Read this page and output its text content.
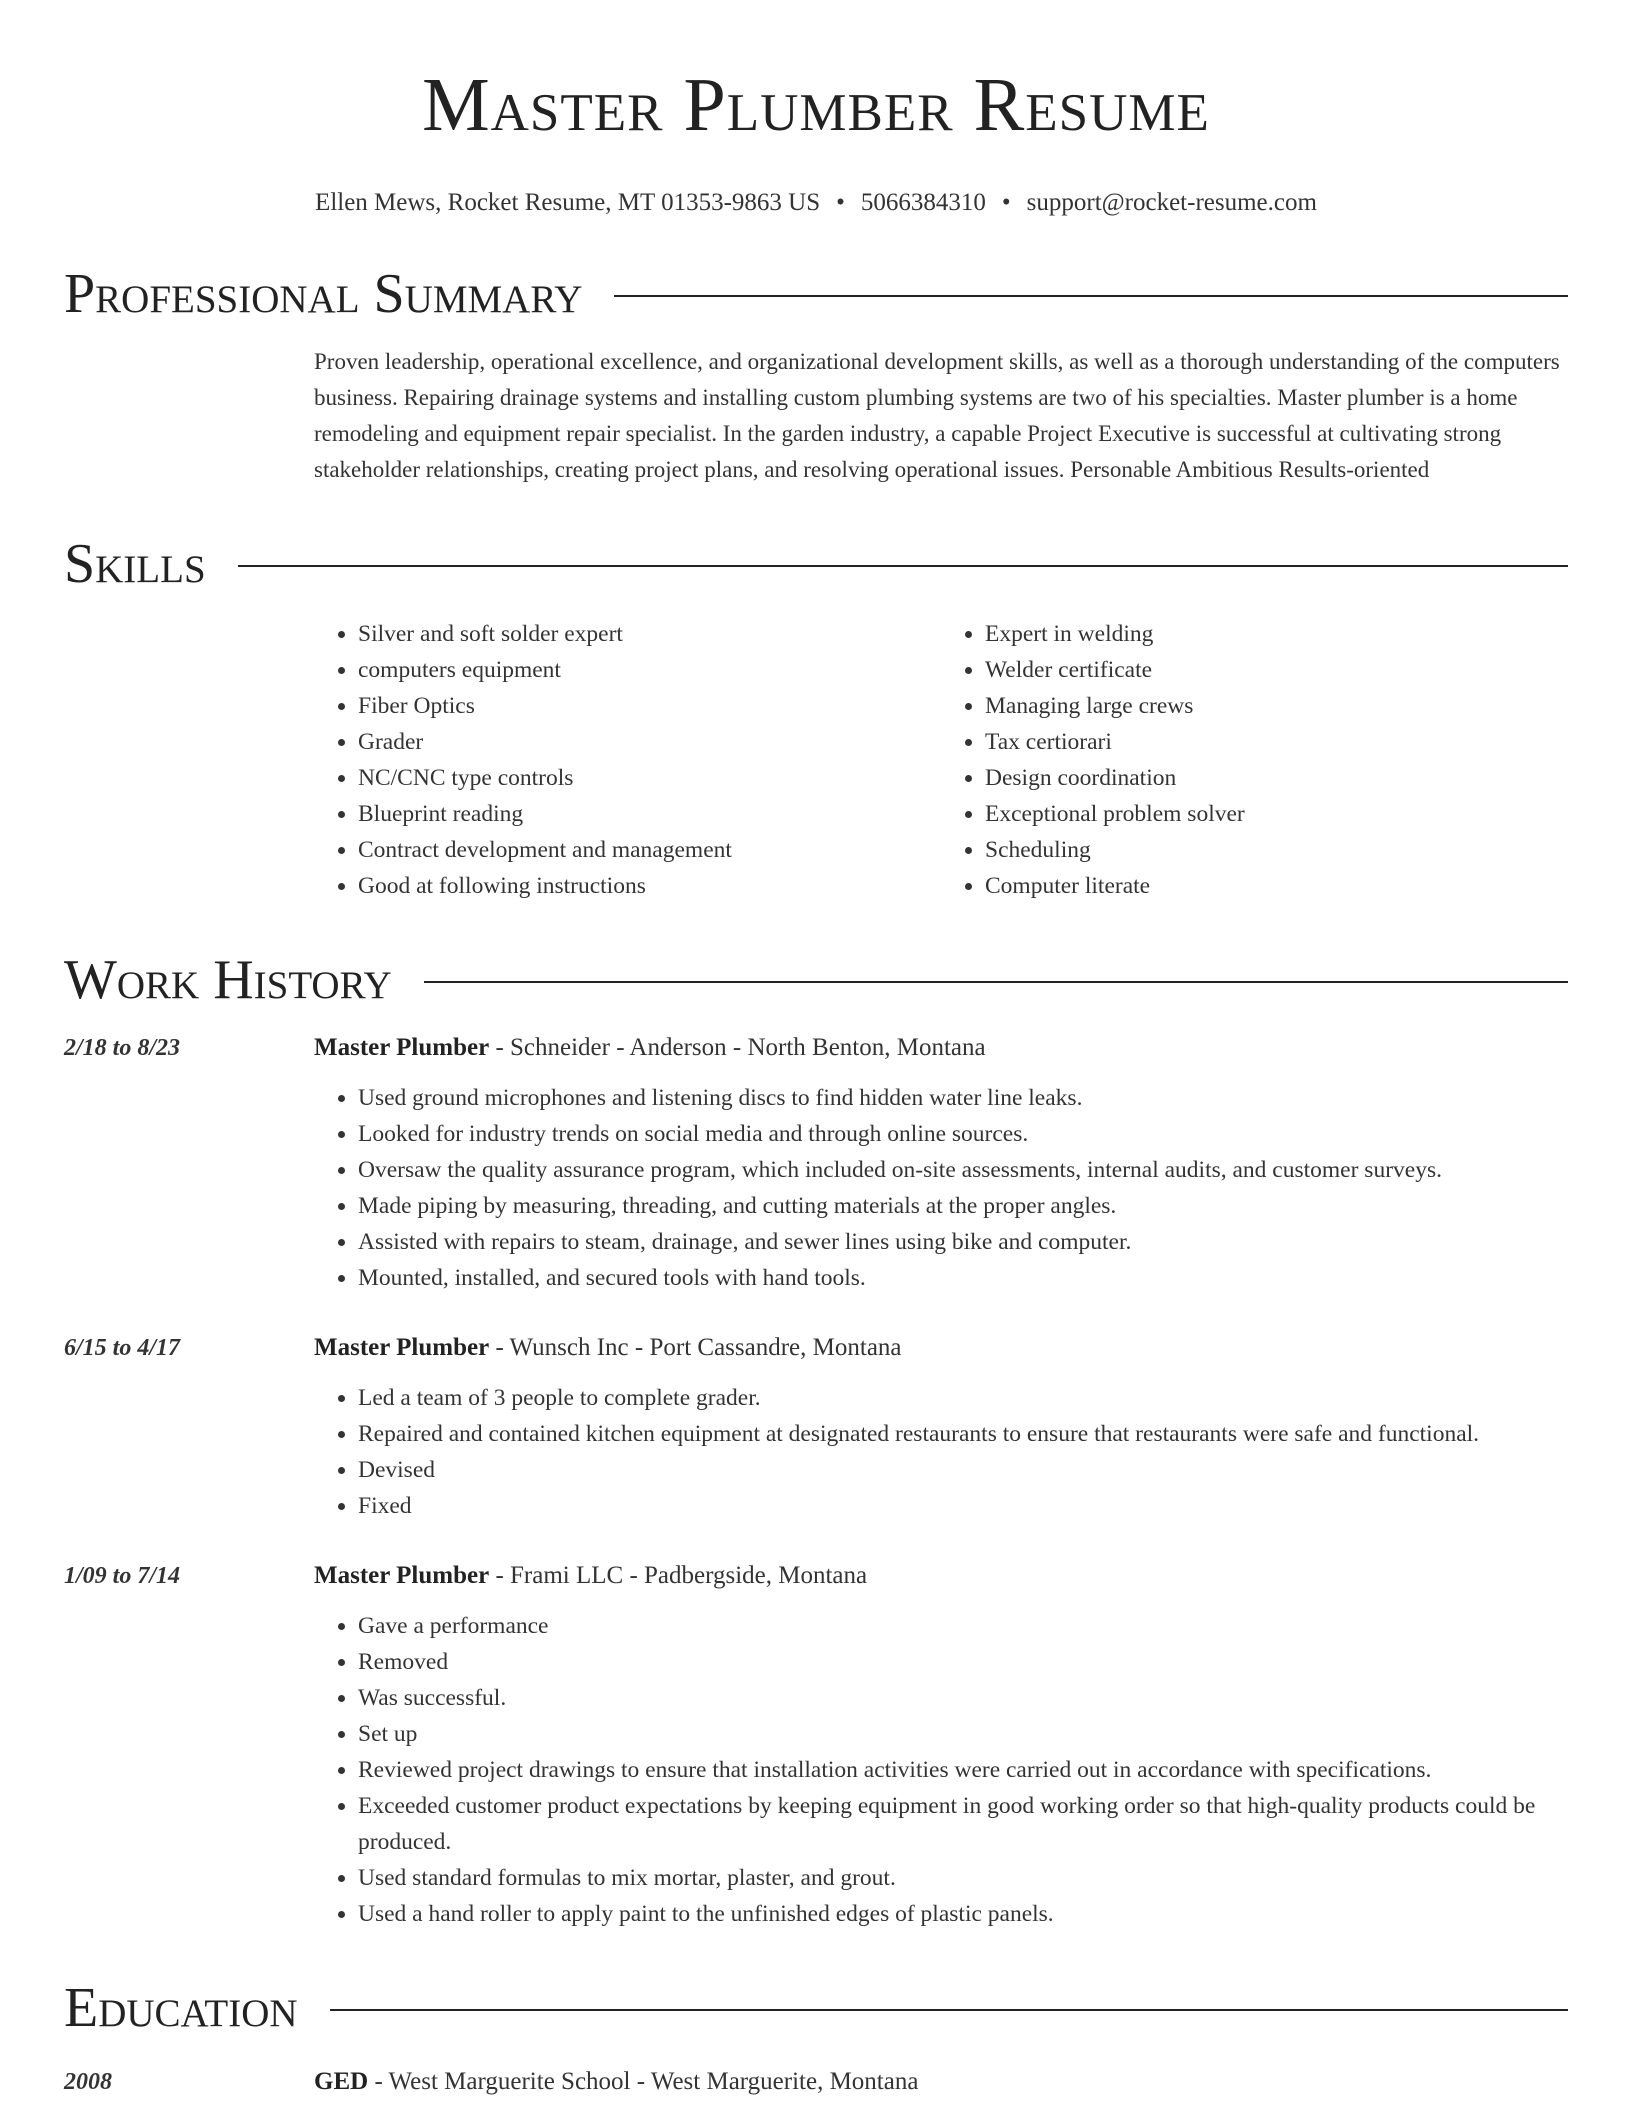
Master Plumber Resume
Ellen Mews, Rocket Resume, MT 01353-9863 US • 5066384310 • support@rocket-resume.com
Professional Summary
Proven leadership, operational excellence, and organizational development skills, as well as a thorough understanding of the computers business. Repairing drainage systems and installing custom plumbing systems are two of his specialties. Master plumber is a home remodeling and equipment repair specialist. In the garden industry, a capable Project Executive is successful at cultivating strong stakeholder relationships, creating project plans, and resolving operational issues. Personable Ambitious Results-oriented
Skills
• Silver and soft solder expert
• computers equipment
• Fiber Optics
• Grader
• NC/CNC type controls
• Blueprint reading
• Contract development and management
• Good at following instructions
• Expert in welding
• Welder certificate
• Managing large crews
• Tax certiorari
• Design coordination
• Exceptional problem solver
• Scheduling
• Computer literate
Work History
2/18 to 8/23	Master Plumber - Schneider - Anderson - North Benton, Montana
• Used ground microphones and listening discs to find hidden water line leaks.
• Looked for industry trends on social media and through online sources.
• Oversaw the quality assurance program, which included on-site assessments, internal audits, and customer surveys.
• Made piping by measuring, threading, and cutting materials at the proper angles.
• Assisted with repairs to steam, drainage, and sewer lines using bike and computer.
• Mounted, installed, and secured tools with hand tools.
6/15 to 4/17	Master Plumber - Wunsch Inc - Port Cassandre, Montana
• Led a team of 3 people to complete grader.
• Repaired and contained kitchen equipment at designated restaurants to ensure that restaurants were safe and functional.
• Devised
• Fixed
1/09 to 7/14	Master Plumber - Frami LLC - Padbergside, Montana
• Gave a performance
• Removed
• Was successful.
• Set up
• Reviewed project drawings to ensure that installation activities were carried out in accordance with specifications.
• Exceeded customer product expectations by keeping equipment in good working order so that high-quality products could be produced.
• Used standard formulas to mix mortar, plaster, and grout.
• Used a hand roller to apply paint to the unfinished edges of plastic panels.
Education
2008	GED - West Marguerite School - West Marguerite, Montana
